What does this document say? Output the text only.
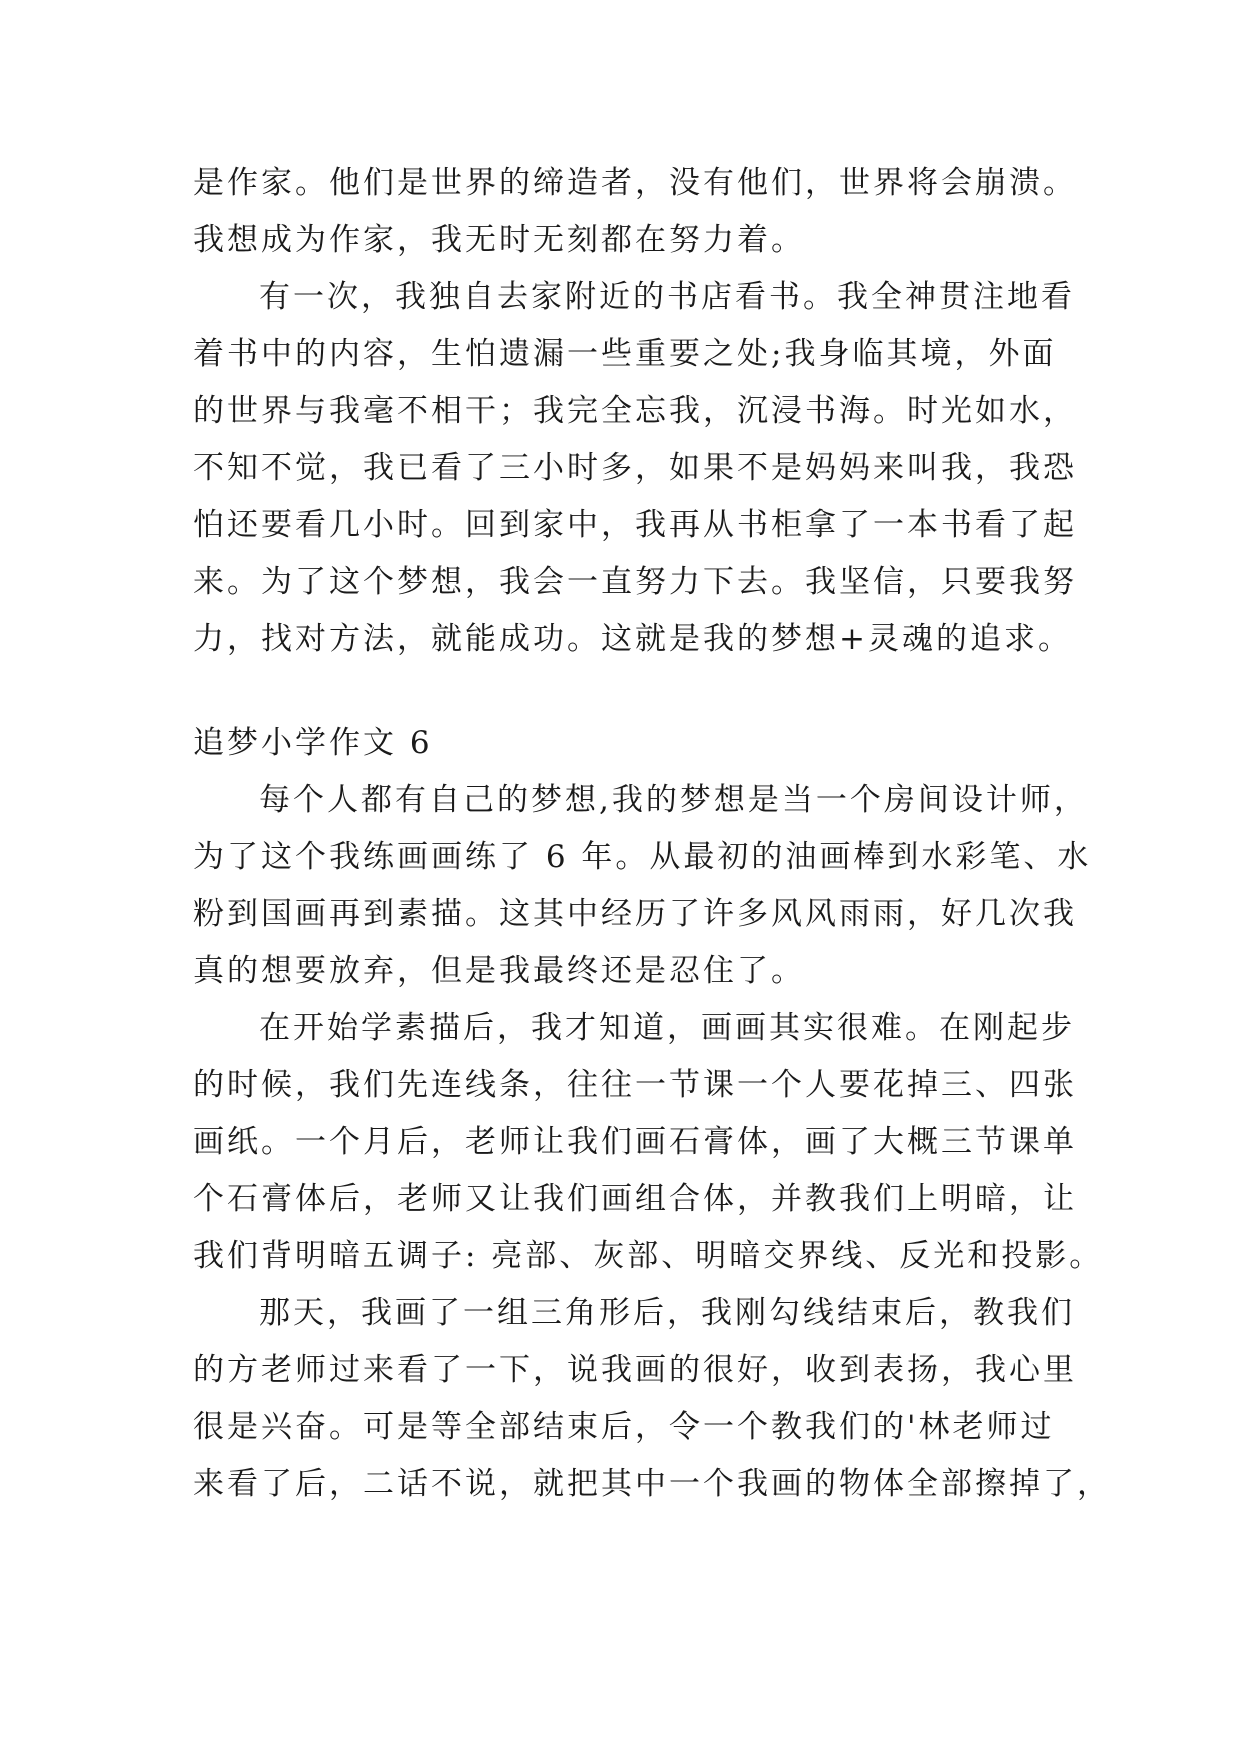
是作家。他们是世界的缔造者，没有他们，世界将会崩溃。
我想成为作家，我无时无刻都在努力着。
有一次，我独自去家附近的书店看书。我全神贯注地看
着书中的内容，生怕遗漏一些重要之处;我身临其境，外面
的世界与我毫不相干；我完全忘我，沉浸书海。时光如水，
不知不觉，我已看了三小时多，如果不是妈妈来叫我，我恐
怕还要看几小时。回到家中，我再从书柜拿了一本书看了起
来。为了这个梦想，我会一直努力下去。我坚信，只要我努
力，找对方法，就能成功。这就是我的梦想+灵魂的追求。
追梦小学作文 6
每个人都有自己的梦想,我的梦想是当一个房间设计师，
为了这个我练画画练了 6 年。从最初的油画棒到水彩笔、水
粉到国画再到素描。这其中经历了许多风风雨雨，好几次我
真的想要放弃，但是我最终还是忍住了。
在开始学素描后，我才知道，画画其实很难。在刚起步
的时候，我们先连线条，往往一节课一个人要花掉三、四张
画纸。一个月后，老师让我们画石膏体，画了大概三节课单
个石膏体后，老师又让我们画组合体，并教我们上明暗，让
我们背明暗五调子: 亮部、灰部、明暗交界线、反光和投影。
那天，我画了一组三角形后，我刚勾线结束后，教我们
的方老师过来看了一下，说我画的很好，收到表扬，我心里
很是兴奋。可是等全部结束后，令一个教我们的'林老师过
来看了后，二话不说，就把其中一个我画的物体全部擦掉了，
